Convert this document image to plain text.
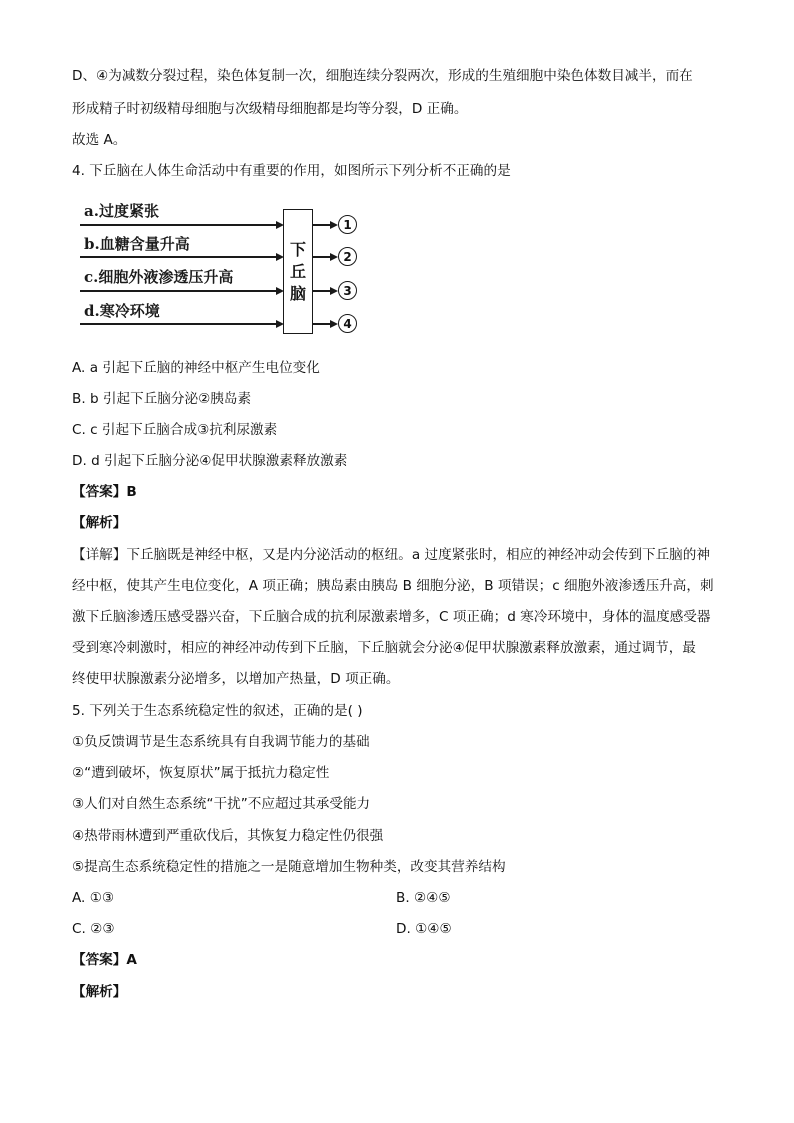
D、④为减数分裂过程，染色体复制一次，细胞连续分裂两次，形成的生殖细胞中染色体数目减半，而在
形成精子时初级精母细胞与次级精母细胞都是均等分裂，D 正确。
故选 A。
4. 下丘脑在人体生命活动中有重要的作用，如图所示下列分析不正确的是
a.过度紧张
b.血糖含量升高
c.细胞外液渗透压升高
d.寒冷环境
下
丘
脑
1
2
3
4
A. a 引起下丘脑的神经中枢产生电位变化
B. b 引起下丘脑分泌②胰岛素
C. c 引起下丘脑合成③抗利尿激素
D. d 引起下丘脑分泌④促甲状腺激素释放激素
【答案】B
【解析】
【详解】下丘脑既是神经中枢，又是内分泌活动的枢纽。a 过度紧张时，相应的神经冲动会传到下丘脑的神
经中枢，使其产生电位变化，A 项正确；胰岛素由胰岛 B 细胞分泌，B 项错误；c 细胞外液渗透压升高，刺
激下丘脑渗透压感受器兴奋，下丘脑合成的抗利尿激素增多，C 项正确；d 寒冷环境中，身体的温度感受器
受到寒冷刺激时，相应的神经冲动传到下丘脑，下丘脑就会分泌④促甲状腺激素释放激素，通过调节，最
终使甲状腺激素分泌增多，以增加产热量，D 项正确。
5. 下列关于生态系统稳定性的叙述，正确的是( )
①负反馈调节是生态系统具有自我调节能力的基础
②“遭到破坏，恢复原状”属于抵抗力稳定性
③人们对自然生态系统“干扰”不应超过其承受能力
④热带雨林遭到严重砍伐后，其恢复力稳定性仍很强
⑤提高生态系统稳定性的措施之一是随意增加生物种类，改变其营养结构
A. ①③	B. ②④⑤
C. ②③	D. ①④⑤
【答案】A
【解析】
